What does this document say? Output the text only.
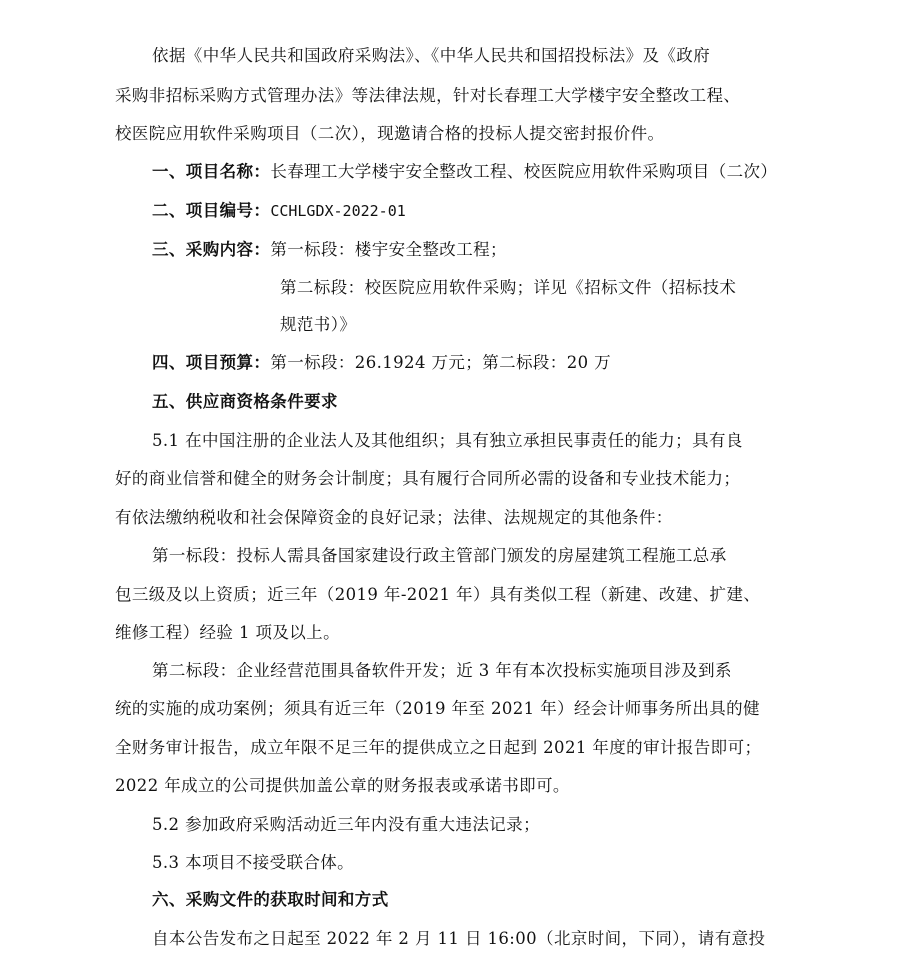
依据《中华人民共和国政府采购法》、《中华人民共和国招投标法》及《政府
采购非招标采购方式管理办法》等法律法规，针对长春理工大学楼宇安全整改工程、
校医院应用软件采购项目（二次），现邀请合格的投标人提交密封报价件。
一、项目名称：长春理工大学楼宇安全整改工程、校医院应用软件采购项目（二次）
二、项目编号：CCHLGDX-2022-01
三、采购内容：第一标段：楼宇安全整改工程；
第二标段：校医院应用软件采购；详见《招标文件（招标技术
规范书）》
四、项目预算：第一标段：26.1924 万元；第二标段：20 万
五、供应商资格条件要求
5.1 在中国注册的企业法人及其他组织；具有独立承担民事责任的能力；具有良
好的商业信誉和健全的财务会计制度；具有履行合同所必需的设备和专业技术能力；
有依法缴纳税收和社会保障资金的良好记录；法律、法规规定的其他条件：
第一标段：投标人需具备国家建设行政主管部门颁发的房屋建筑工程施工总承
包三级及以上资质；近三年（2019 年-2021 年）具有类似工程（新建、改建、扩建、
维修工程）经验 1 项及以上。
第二标段：企业经营范围具备软件开发；近 3 年有本次投标实施项目涉及到系
统的实施的成功案例；须具有近三年（2019 年至 2021 年）经会计师事务所出具的健
全财务审计报告，成立年限不足三年的提供成立之日起到 2021 年度的审计报告即可；
2022 年成立的公司提供加盖公章的财务报表或承诺书即可。
5.2 参加政府采购活动近三年内没有重大违法记录；
5.3 本项目不接受联合体。
六、采购文件的获取时间和方式
自本公告发布之日起至 2022 年 2 月 11 日 16:00（北京时间，下同），请有意投
